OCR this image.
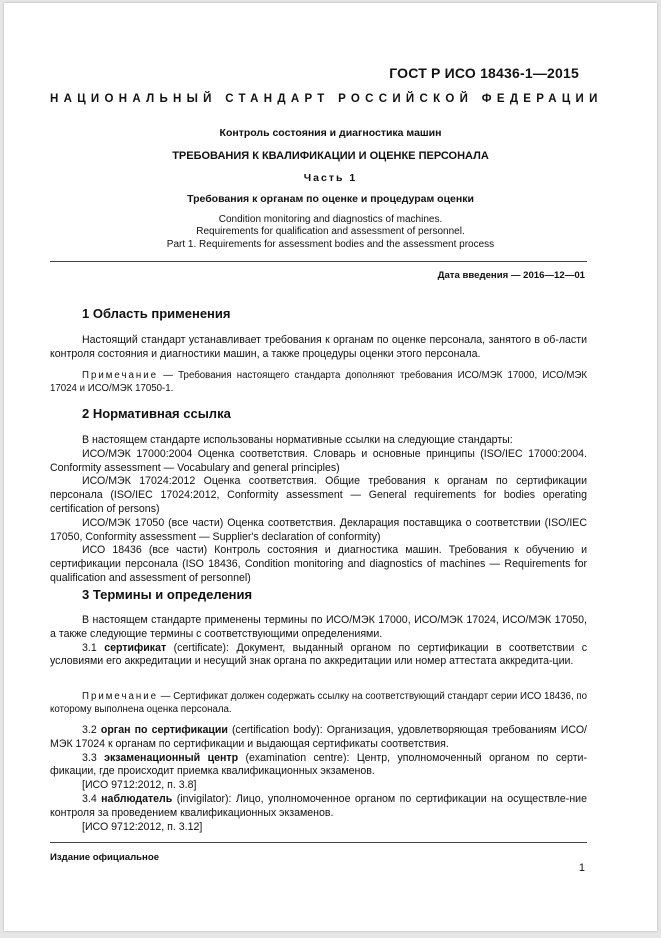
ГОСТ Р ИСО 18436-1—2015
НАЦИОНАЛЬНЫЙ СТАНДАРТ РОССИЙСКОЙ ФЕДЕРАЦИИ
Контроль состояния и диагностика машин
ТРЕБОВАНИЯ К КВАЛИФИКАЦИИ И ОЦЕНКЕ ПЕРСОНАЛА
Часть 1
Требования к органам по оценке и процедурам оценки
Condition monitoring and diagnostics of machines.
Requirements for qualification and assessment of personnel.
Part 1. Requirements for assessment bodies and the assessment process
Дата введения — 2016—12—01
1 Область применения

Настоящий стандарт устанавливает требования к органам по оценке персонала, занятого в об-ласти контроля состояния и диагностики машин, а также процедуры оценки этого персонала.

Примечание — Требования настоящего стандарта дополняют требования ИСО/МЭК 17000, ИСО/МЭК 17024 и ИСО/МЭК 17050-1.

2 Нормативная ссылка

В настоящем стандарте использованы нормативные ссылки на следующие стандарты:

ИСО/МЭК 17000:2004 Оценка соответствия. Словарь и основные принципы (ISO/IEC 17000:2004. Conformity assessment — Vocabulary and general principles)

ИСО/МЭК 17024:2012 Оценка соответствия. Общие требования к органам по сертификации персонала (ISO/IEC 17024:2012, Conformity assessment — General requirements for bodies operating certification of persons)

ИСО/МЭК 17050 (все части) Оценка соответствия. Декларация поставщика о соответствии (ISO/IEC 17050, Conformity assessment — Supplier's declaration of conformity)

ИСО 18436 (все части) Контроль состояния и диагностика машин. Требования к обучению и сертификации персонала (ISO 18436, Condition monitoring and diagnostics of machines — Requirements for qualification and assessment of personnel)

3 Термины и определения

В настоящем стандарте применены термины по ИСО/МЭК 17000, ИСО/МЭК 17024, ИСО/МЭК 17050, а также следующие термины с соответствующими определениями.

3.1 сертификат (certificate): Документ, выданный органом по сертификации в соответствии с условиями его аккредитации и несущий знак органа по аккредитации или номер аттестата аккредита-ции.

Примечание — Сертификат должен содержать ссылку на соответствующий стандарт серии ИСО 18436, по которому выполнена оценка персонала.

3.2 орган по сертификации (certification body): Организация, удовлетворяющая требованиям ИСО/МЭК 17024 к органам по сертификации и выдающая сертификаты соответствия.

3.3 экзаменационный центр (examination centre): Центр, уполномоченный органом по серти-фикации, где происходит приемка квалификационных экзаменов.

[ИСО 9712:2012, п. 3.8]

3.4 наблюдатель (invigilator): Лицо, уполномоченное органом по сертификации на осуществле-ние контроля за проведением квалификационных экзаменов.

[ИСО 9712:2012, п. 3.12]

Издание официальное
1
